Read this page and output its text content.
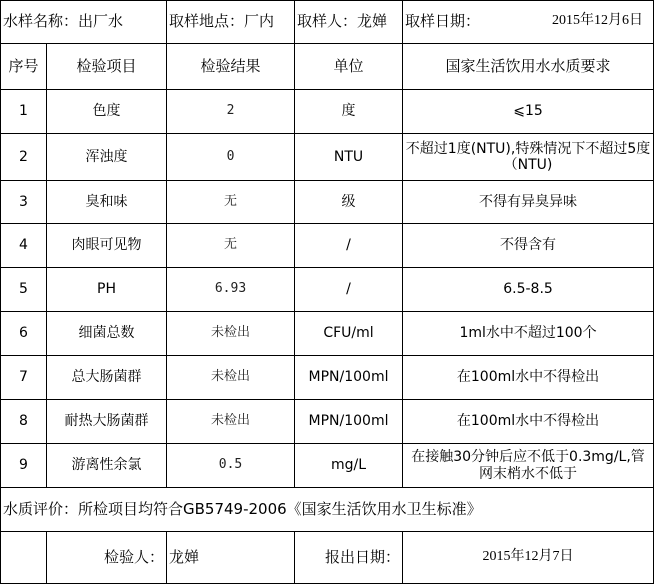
水样名称：出厂水		取样地点：厂内	取样人：龙婵	取样日期： 2015年12月6日

序号	检验项目	检验结果	单位	国家生活饮用水水质要求
1	色度	2	度	⩽15
2	浑浊度	0	NTU	不超过1度(NTU),特殊情况下不超过5度（NTU)
3	臭和味	无	级	不得有异臭异味
4	肉眼可见物	无	/	不得含有
5	PH	6.93	/	6.5-8.5
6	细菌总数	未检出	CFU/ml	1ml水中不超过100个
7	总大肠菌群	未检出	MPN/100ml	在100ml水中不得检出
8	耐热大肠菌群	未检出	MPN/100ml	在100ml水中不得检出
9	游离性余氯	0.5	mg/L	在接触30分钟后应不低于0.3mg/L,管网末梢水不低于
水质评价：所检项目均符合GB5749-2006《国家生活饮用水卫生标准》				
	检验人：	龙婵	报出日期：	2015年12月7日
